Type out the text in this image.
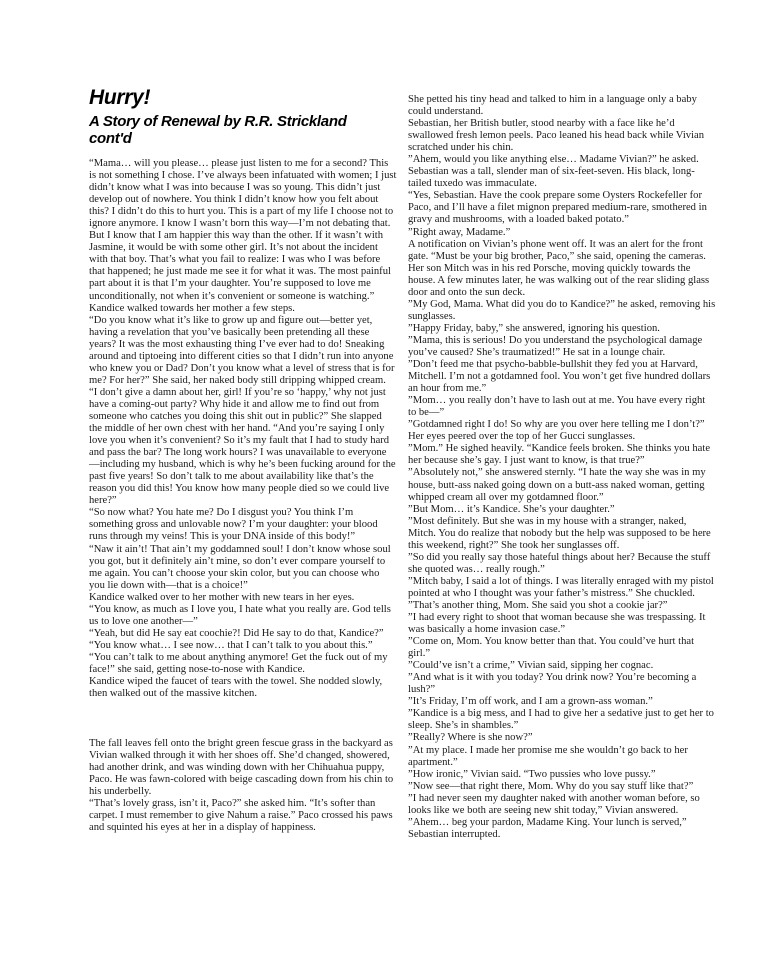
Hurry!
A Story of Renewal by R.R. Strickland cont'd

“Mama… will you please… please just listen to me for a second? This is not something I chose. I’ve always been infatuated with women; I just didn’t know what I was into because I was so young. This didn’t just develop out of nowhere. You think I didn’t know how you felt about this? I didn’t do this to hurt you. This is a part of my life I choose not to ignore anymore. I know I wasn’t born this way—I’m not debating that. But I know that I am happier this way than the other. If it wasn’t with Jasmine, it would be with some other girl. It’s not about the incident with that boy. That’s what you fail to realize: I was who I was before that happened; he just made me see it for what it was. The most painful part about it is that I’m your daughter. You’re supposed to love me unconditionally, not when it’s convenient or someone is watching.” Kandice walked towards her mother a few steps.

“Do you know what it’s like to grow up and figure out—better yet, having a revelation that you’ve basically been pretending all these years? It was the most exhausting thing I’ve ever had to do! Sneaking around and tiptoeing into different cities so that I didn’t run into anyone who knew you or Dad? Don’t you know what a level of stress that is for me? For her?” She said, her naked body still dripping whipped cream.

“I don’t give a damn about her, girl! If you’re so ‘happy,’ why not just have a coming-out party? Why hide it and allow me to find out from someone who catches you doing this shit out in public?” She slapped the middle of her own chest with her hand. “And you’re saying I only love you when it’s convenient? So it’s my fault that I had to study hard and pass the bar? The long work hours? I was unavailable to everyone—including my husband, which is why he’s been fucking around for the past five years! So don’t talk to me about availability like that’s the reason you did this! You know how many people died so we could live here?”

“So now what? You hate me? Do I disgust you? You think I’m something gross and unlovable now? I’m your daughter: your blood runs through my veins! This is your DNA inside of this body!”

“Naw it ain’t! That ain’t my goddamned soul! I don’t know whose soul you got, but it definitely ain’t mine, so don’t ever compare yourself to me again. You can’t choose your skin color, but you can choose who you lie down with—that is a choice!”

Kandice walked over to her mother with new tears in her eyes.

“You know, as much as I love you, I hate what you really are. God tells us to love one another—”

“Yeah, but did He say eat coochie?! Did He say to do that, Kandice?”

“You know what… I see now… that I can’t talk to you about this.”

“You can’t talk to me about anything anymore! Get the fuck out of my face!” she said, getting nose-to-nose with Kandice.

Kandice wiped the faucet of tears with the towel. She nodded slowly, then walked out of the massive kitchen.

The fall leaves fell onto the bright green fescue grass in the backyard as Vivian walked through it with her shoes off. She’d changed, showered, had another drink, and was winding down with her Chihuahua puppy, Paco. He was fawn-colored with beige cascading down from his chin to his underbelly.

“That’s lovely grass, isn’t it, Paco?” she asked him. “It’s softer than carpet. I must remember to give Nahum a raise.” Paco crossed his paws and squinted his eyes at her in a display of happiness.

She petted his tiny head and talked to him in a language only a baby could understand.

Sebastian, her British butler, stood nearby with a face like he’d swallowed fresh lemon peels. Paco leaned his head back while Vivian scratched under his chin.

”Ahem, would you like anything else… Madame Vivian?” he asked. Sebastian was a tall, slender man of six-feet-seven. His black, long-tailed tuxedo was immaculate.

“Yes, Sebastian. Have the cook prepare some Oysters Rockefeller for Paco, and I’ll have a filet mignon prepared medium-rare, smothered in gravy and mushrooms, with a loaded baked potato.”

”Right away, Madame.”

A notification on Vivian’s phone went off. It was an alert for the front gate. “Must be your big brother, Paco,” she said, opening the cameras. Her son Mitch was in his red Porsche, moving quickly towards the house. A few minutes later, he was walking out of the rear sliding glass door and onto the sun deck.

”My God, Mama. What did you do to Kandice?” he asked, removing his sunglasses.

”Happy Friday, baby,” she answered, ignoring his question.

”Mama, this is serious! Do you understand the psychological damage you’ve caused? She’s traumatized!” He sat in a lounge chair.

”Don’t feed me that psycho-babble-bullshit they fed you at Harvard, Mitchell. I’m not a gotdamned fool. You won’t get five hundred dollars an hour from me.”

”Mom… you really don’t have to lash out at me. You have every right to be—”

”Gotdamned right I do! So why are you over here telling me I don’t?” Her eyes peered over the top of her Gucci sunglasses.

”Mom.” He sighed heavily. “Kandice feels broken. She thinks you hate her because she’s gay. I just want to know, is that true?”

”Absolutely not,” she answered sternly. “I hate the way she was in my house, butt-ass naked going down on a butt-ass naked woman, getting whipped cream all over my gotdamned floor.”

”But Mom… it’s Kandice. She’s your daughter.”

”Most definitely. But she was in my house with a stranger, naked, Mitch. You do realize that nobody but the help was supposed to be here this weekend, right?” She took her sunglasses off.

”So did you really say those hateful things about her? Because the stuff she quoted was… really rough.”

”Mitch baby, I said a lot of things. I was literally enraged with my pistol pointed at who I thought was your father’s mistress.” She chuckled.

”That’s another thing, Mom. She said you shot a cookie jar?”

”I had every right to shoot that woman because she was trespassing. It was basically a home invasion case.”

”Come on, Mom. You know better than that. You could’ve hurt that girl.”

”Could’ve isn’t a crime,” Vivian said, sipping her cognac.

”And what is it with you today? You drink now? You’re becoming a lush?”

”It’s Friday, I’m off work, and I am a grown-ass woman.”

”Kandice is a big mess, and I had to give her a sedative just to get her to sleep. She’s in shambles.”

”Really? Where is she now?”

”At my place. I made her promise me she wouldn’t go back to her apartment.”

”How ironic,” Vivian said. “Two pussies who love pussy.”

”Now see—that right there, Mom. Why do you say stuff like that?”

”I had never seen my daughter naked with another woman before, so looks like we both are seeing new shit today,” Vivian answered.

”Ahem… beg your pardon, Madame King. Your lunch is served,” Sebastian interrupted.
